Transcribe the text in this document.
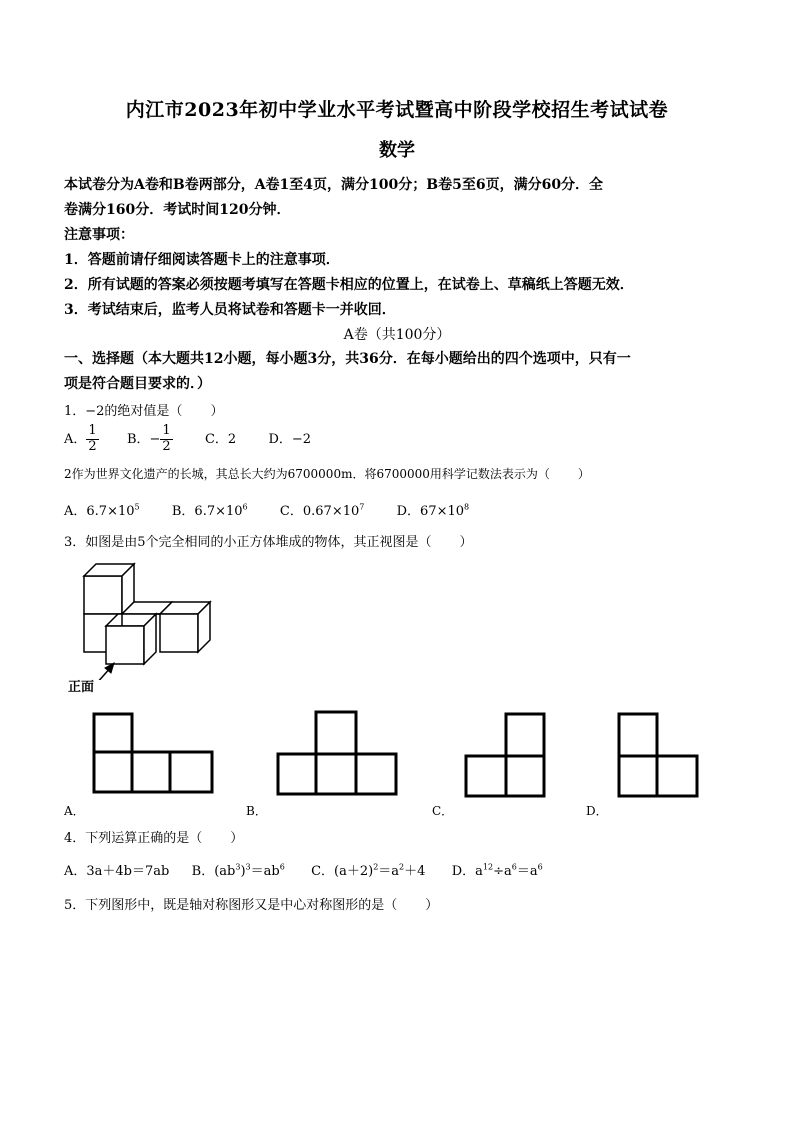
内江市2023年初中学业水平考试暨高中阶段学校招生考试试卷
数学
本试卷分为A卷和B卷两部分，A卷1至4页，满分100分；B卷5至6页，满分60分．全
卷满分160分．考试时间120分钟．
注意事项：
1．答题前请仔细阅读答题卡上的注意事项．
2．所有试题的答案必须按题考填写在答题卡相应的位置上，在试卷上、草稿纸上答题无效．
3．考试结束后，监考人员将试卷和答题卡一并收回．
A卷（共100分）
一、选择题（本大题共12小题，每小题3分，共36分．在每小题给出的四个选项中，只有一
项是符合题目要求的．）
1．−2的绝对值是（ ）
A． $\frac{1}{2}$ B．− $\frac{1}{2}$ C．2 D．−2
2作为世界文化遗产的长城，其总长大约为6700000m．将6700000用科学记数法表示为（ ）
A．$6.7\times 10^5$ B．$6.7\times 10^6$ C．$0.67\times 10^7$ D．$67\times 10^8$
3．如图是由5个完全相同的小正方体堆成的物体，其正视图是（ ）
正面
A．	B．	C．	D．
4．下列运算正确的是（ ）
A．3a＋4b＝7ab B．$(ab^3)^3=ab^6$ C．$(a+2)^2=a^2+4$ D．$a^{12}\div a^6=a^6$
5．下列图形中，既是轴对称图形又是中心对称图形的是（ ）
